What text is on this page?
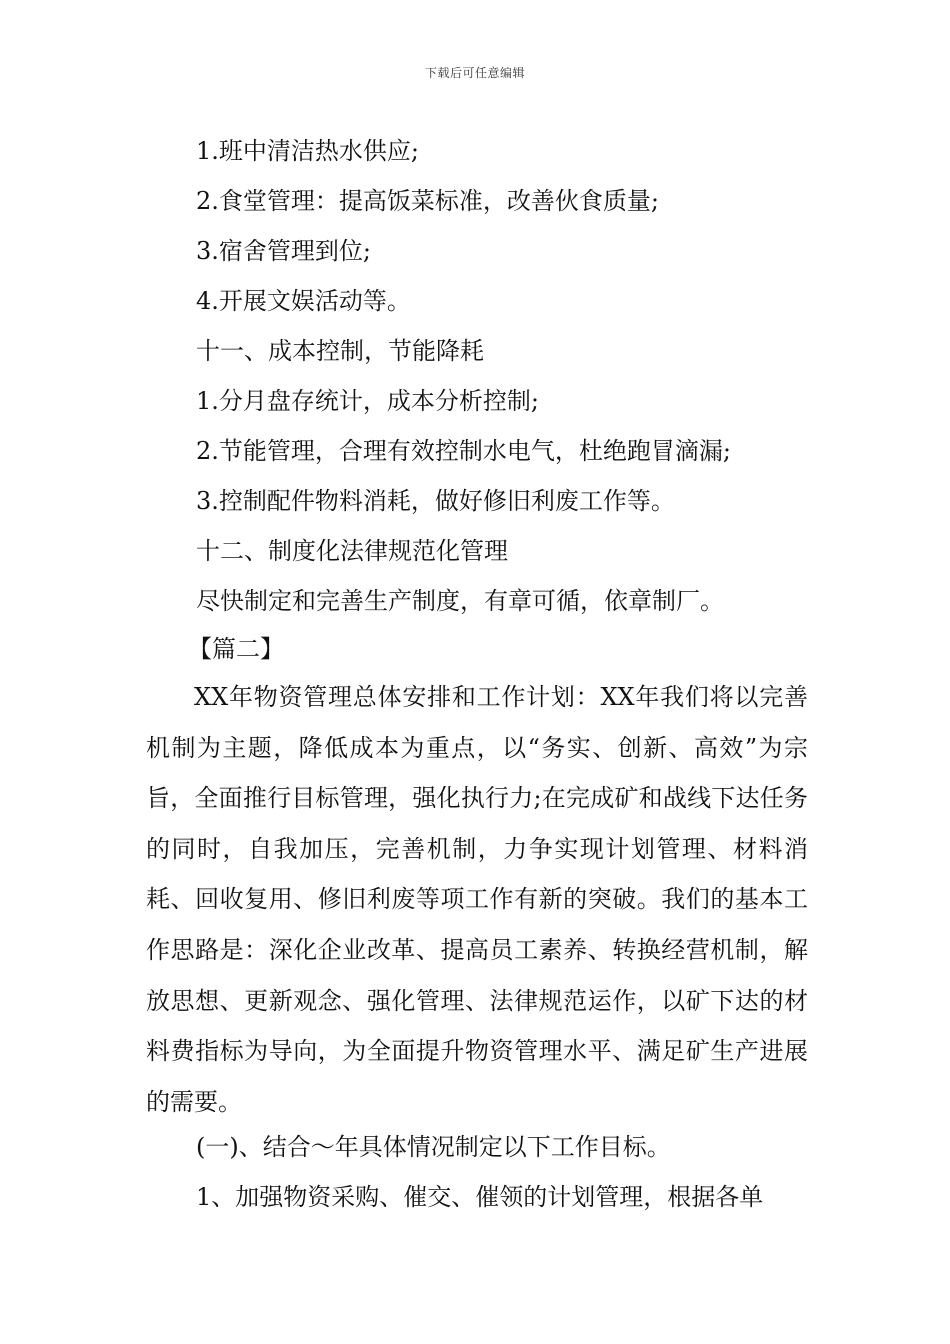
下载后可任意编辑
1.班中清洁热水供应;
2.食堂管理：提高饭菜标准，改善伙食质量;
3.宿舍管理到位;
4.开展文娱活动等。
十一、成本控制，节能降耗
1.分月盘存统计，成本分析控制;
2.节能管理，合理有效控制水电气，杜绝跑冒滴漏;
3.控制配件物料消耗，做好修旧利废工作等。
十二、制度化法律规范化管理
尽快制定和完善生产制度，有章可循，依章制厂。
【篇二】
XX年物资管理总体安排和工作计划：XX年我们将以完善机制为主题，降低成本为重点，以“务实、创新、高效”为宗旨，全面推行目标管理，强化执行力;在完成矿和战线下达任务的同时，自我加压，完善机制，力争实现计划管理、材料消耗、回收复用、修旧利废等项工作有新的突破。我们的基本工作思路是：深化企业改革、提高员工素养、转换经营机制，解放思想、更新观念、强化管理、法律规范运作，以矿下达的材料费指标为导向，为全面提升物资管理水平、满足矿生产进展的需要。
(一)、结合～年具体情况制定以下工作目标。
1、加强物资采购、催交、催领的计划管理，根据各单
